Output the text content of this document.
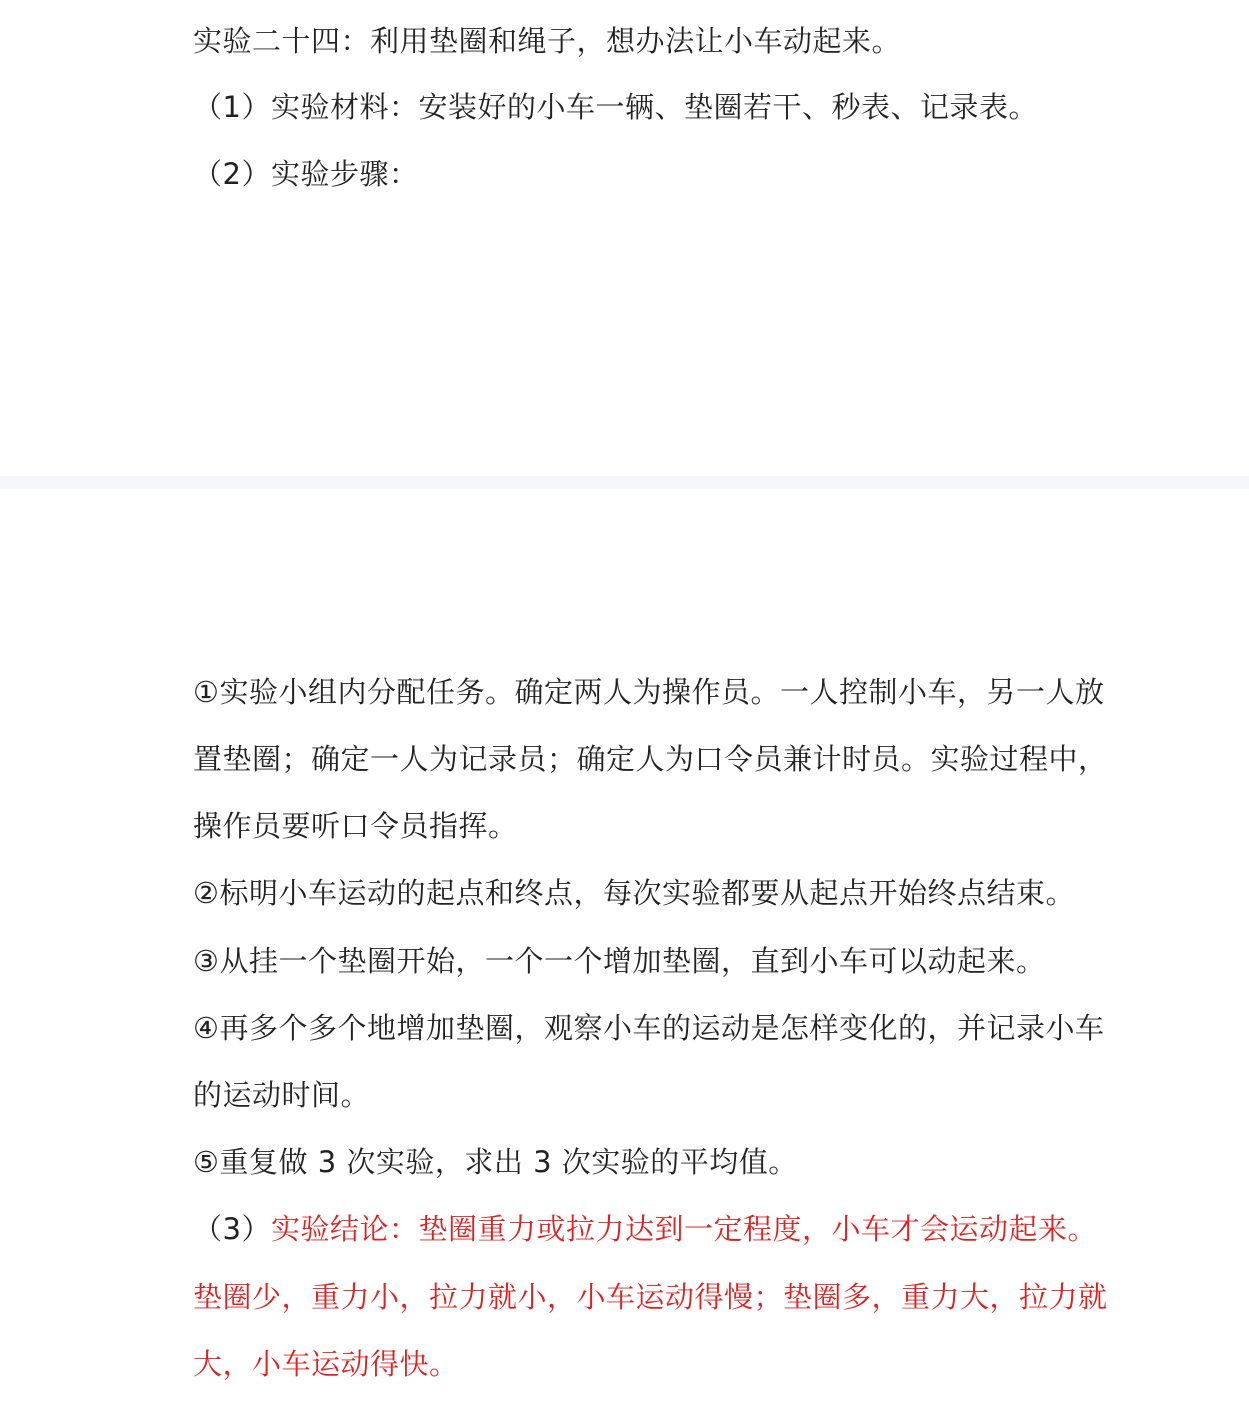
实验二十四：利用垫圈和绳子，想办法让小车动起来。
（1）实验材料：安装好的小车一辆、垫圈若干、秒表、记录表。
（2）实验步骤：
①实验小组内分配任务。确定两人为操作员。一人控制小车，另一人放
置垫圈；确定一人为记录员；确定人为口令员兼计时员。实验过程中，
操作员要听口令员指挥。
②标明小车运动的起点和终点，每次实验都要从起点开始终点结束。
③从挂一个垫圈开始，一个一个增加垫圈，直到小车可以动起来。
④再多个多个地增加垫圈，观察小车的运动是怎样变化的，并记录小车
的运动时间。
⑤重复做 3 次实验，求出 3 次实验的平均值。
（3）实验结论：垫圈重力或拉力达到一定程度，小车才会运动起来。
垫圈少，重力小，拉力就小，小车运动得慢；垫圈多，重力大，拉力就
大，小车运动得快。
